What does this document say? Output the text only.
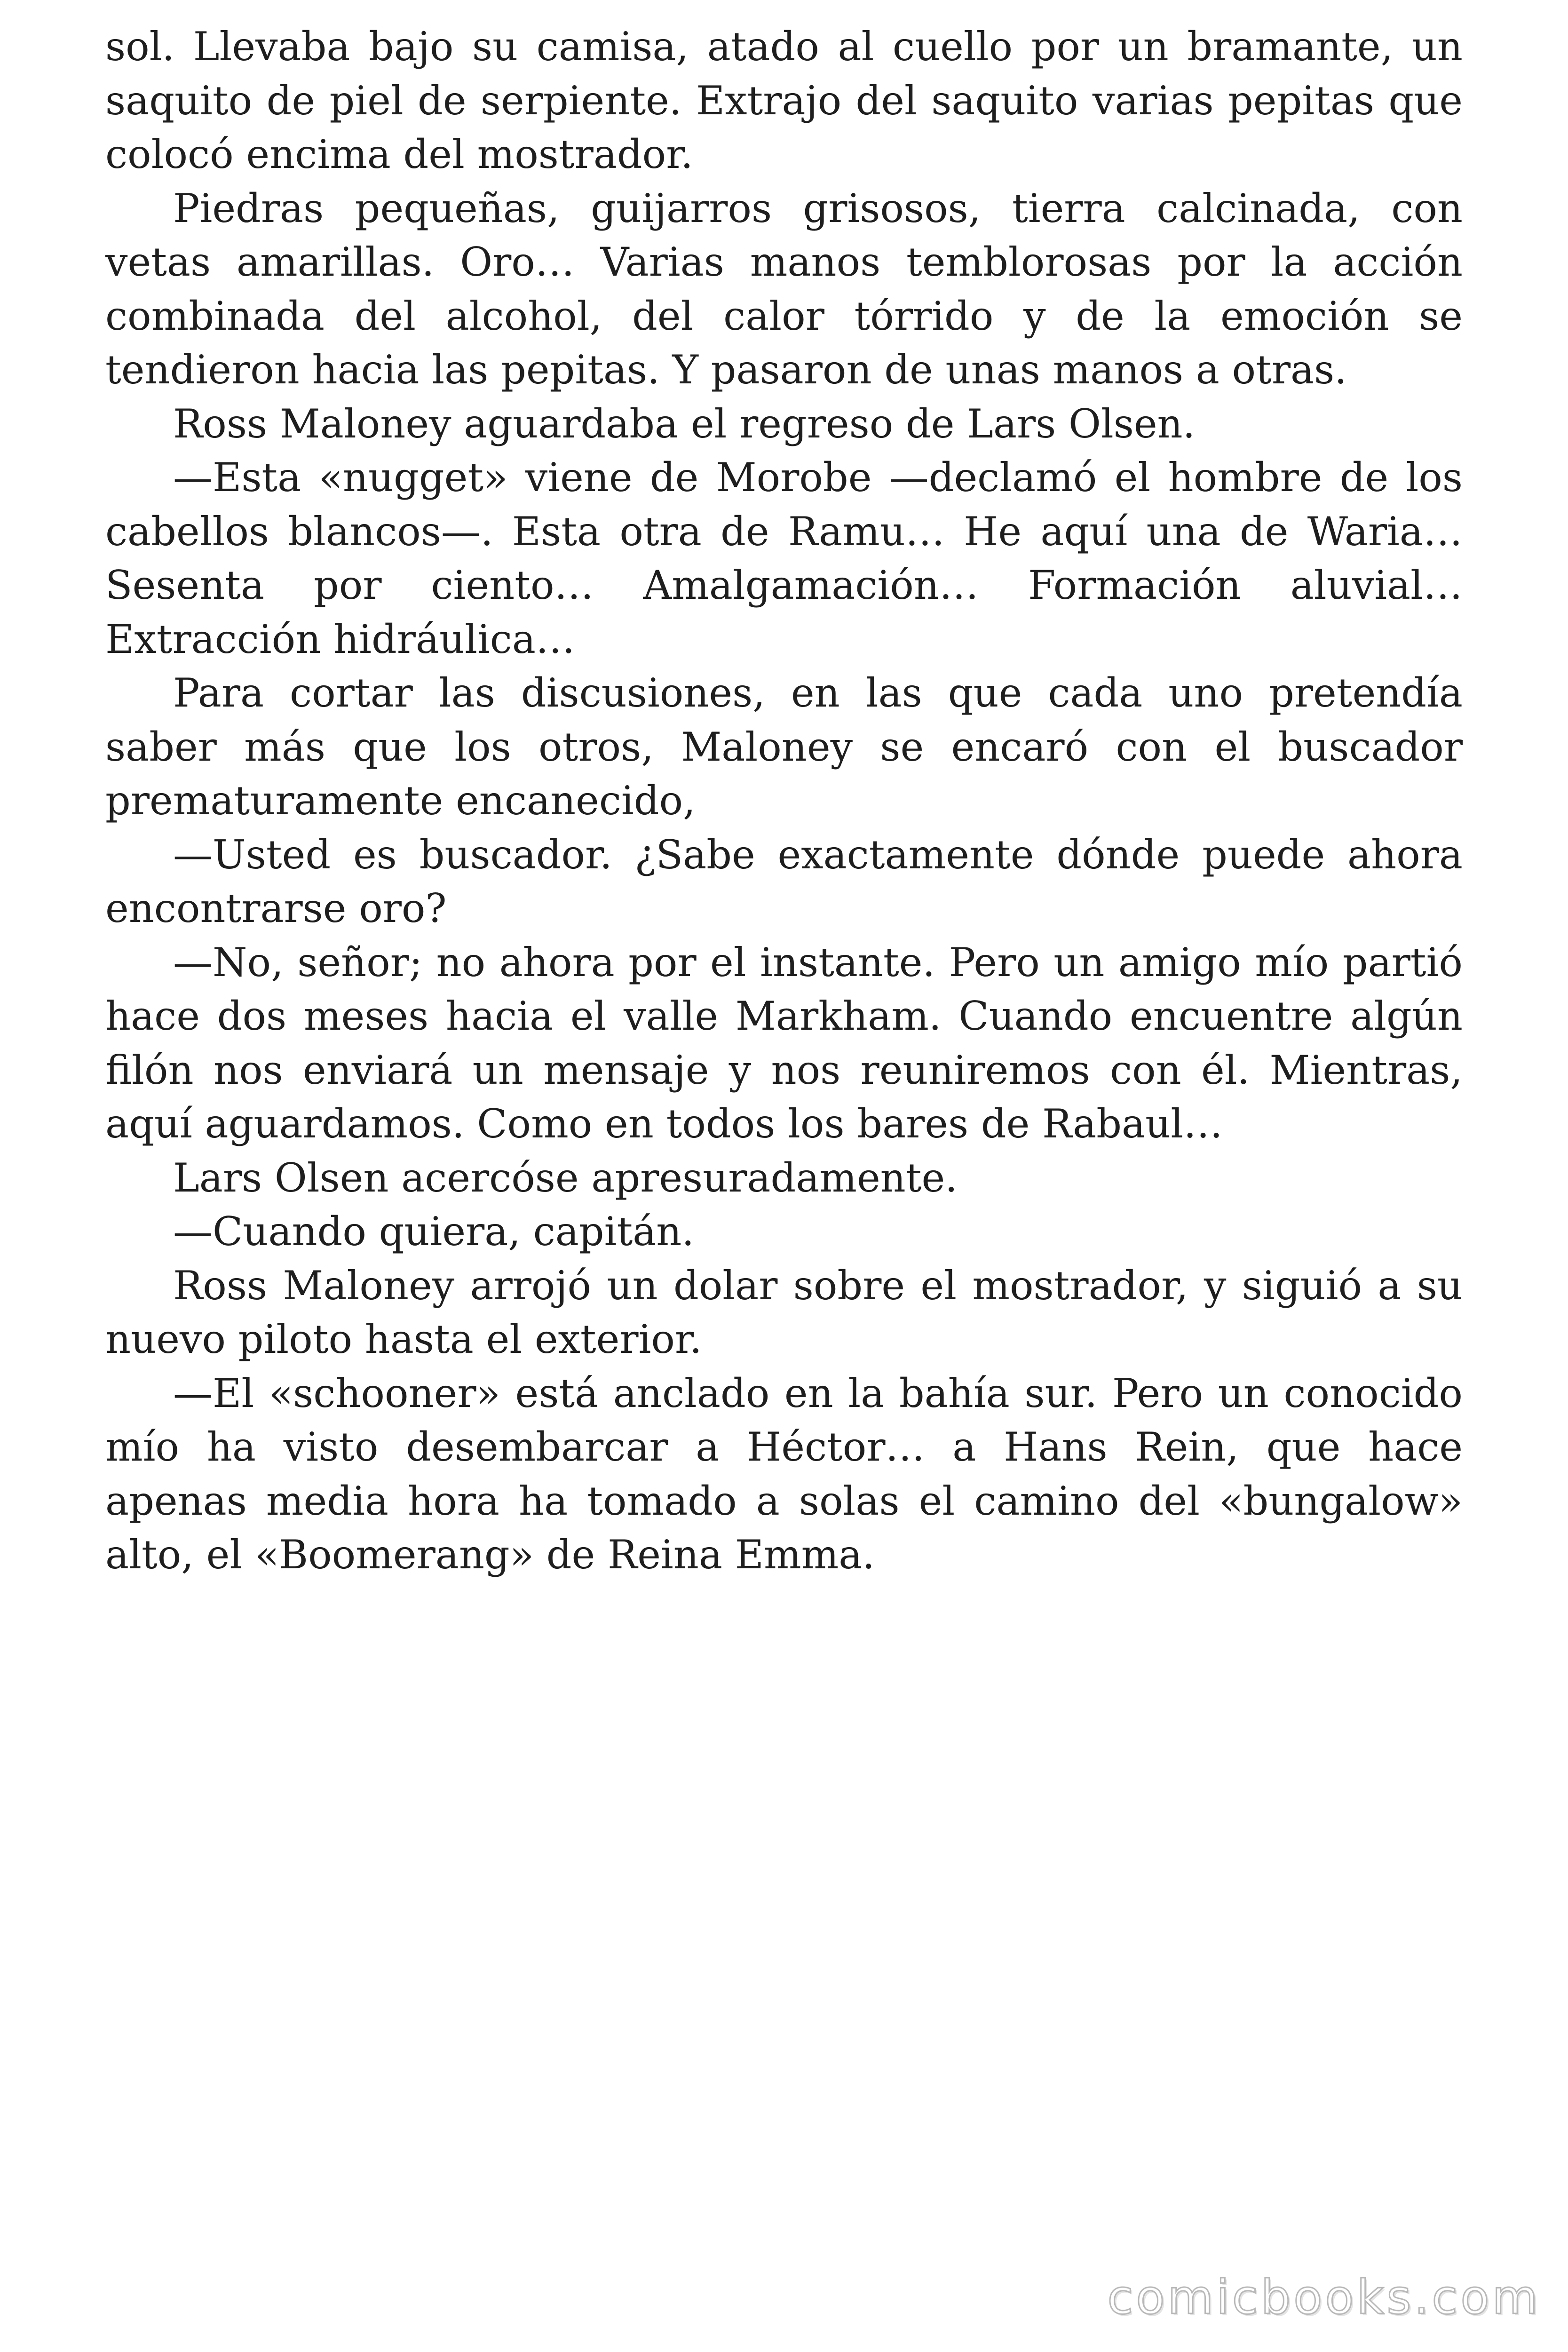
sol. Llevaba bajo su camisa, atado al cuello por un bramante, un saquito de piel de serpiente. Extrajo del saquito varias pepitas que colocó encima del mostrador.

Piedras pequeñas, guijarros grisosos, tierra calcinada, con vetas amarillas. Oro… Varias manos temblorosas por la acción combinada del alcohol, del calor tórrido y de la emoción se tendieron hacia las pepitas. Y pasaron de unas manos a otras.

Ross Maloney aguardaba el regreso de Lars Olsen.

—Esta «nugget» viene de Morobe —declamó el hombre de los cabellos blancos—. Esta otra de Ramu… He aquí una de Waria… Sesenta por ciento… Amalgamación… Formación aluvial… Extracción hidráulica…

Para cortar las discusiones, en las que cada uno pretendía saber más que los otros, Maloney se encaró con el buscador prematuramente encanecido,

—Usted es buscador. ¿Sabe exactamente dónde puede ahora encontrarse oro?

—No, señor; no ahora por el instante. Pero un amigo mío partió hace dos meses hacia el valle Markham. Cuando encuentre algún filón nos enviará un mensaje y nos reuniremos con él. Mientras, aquí aguardamos. Como en todos los bares de Rabaul…

Lars Olsen acercóse apresuradamente.

—Cuando quiera, capitán.

Ross Maloney arrojó un dolar sobre el mostrador, y siguió a su nuevo piloto hasta el exterior.

—El «schooner» está anclado en la bahía sur. Pero un conocido mío ha visto desembarcar a Héctor… a Hans Rein, que hace apenas media hora ha tomado a solas el camino del «bungalow» alto, el «Boomerang» de Reina Emma.

comicbooks.com
